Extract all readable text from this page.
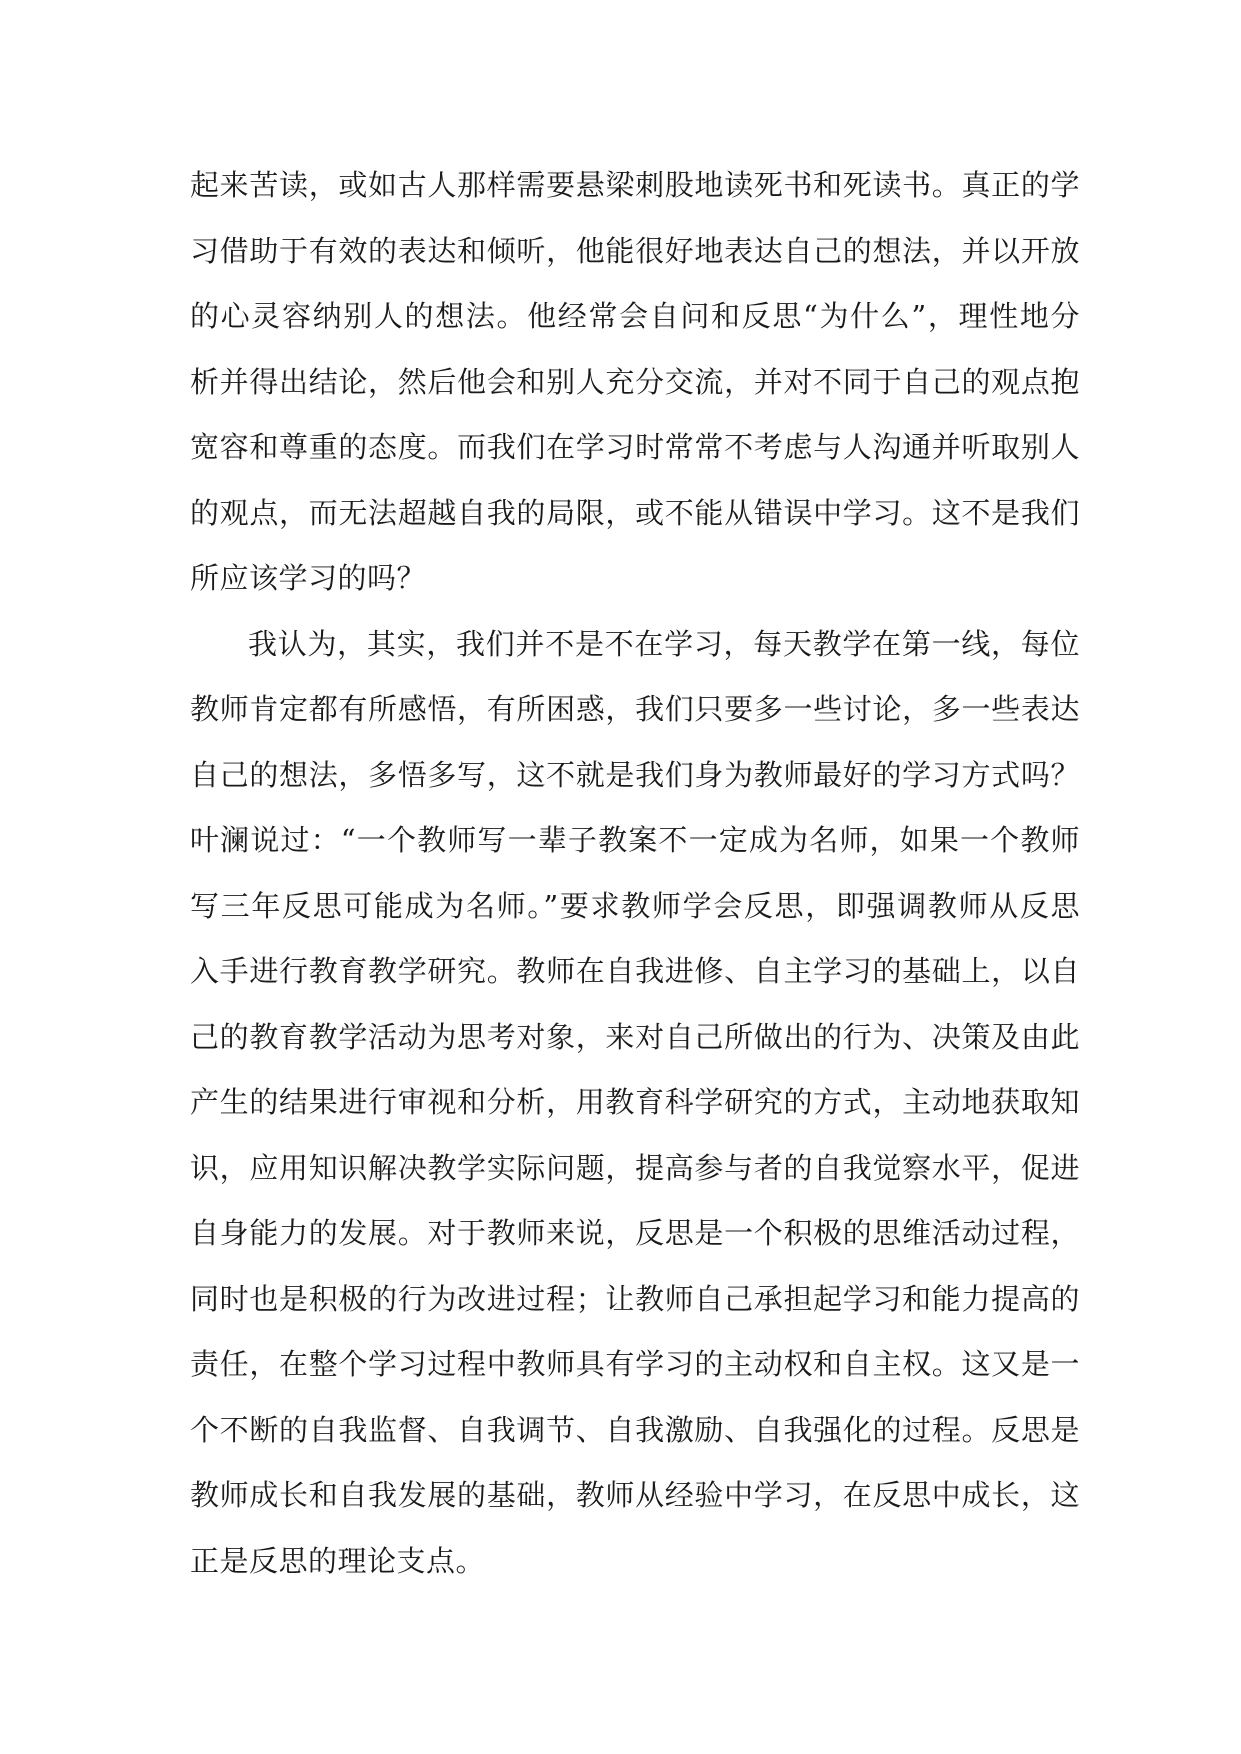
起来苦读，或如古人那样需要悬梁刺股地读死书和死读书。真正的学
习借助于有效的表达和倾听，他能很好地表达自己的想法，并以开放
的心灵容纳别人的想法。他经常会自问和反思“为什么”，理性地分
析并得出结论，然后他会和别人充分交流，并对不同于自己的观点抱
宽容和尊重的态度。而我们在学习时常常不考虑与人沟通并听取别人
的观点，而无法超越自我的局限，或不能从错误中学习。这不是我们
所应该学习的吗？
我认为，其实，我们并不是不在学习，每天教学在第一线，每位
教师肯定都有所感悟，有所困惑，我们只要多一些讨论，多一些表达
自己的想法，多悟多写，这不就是我们身为教师最好的学习方式吗？
叶澜说过：“一个教师写一辈子教案不一定成为名师，如果一个教师
写三年反思可能成为名师。”要求教师学会反思，即强调教师从反思
入手进行教育教学研究。教师在自我进修、自主学习的基础上，以自
己的教育教学活动为思考对象，来对自己所做出的行为、决策及由此
产生的结果进行审视和分析，用教育科学研究的方式，主动地获取知
识，应用知识解决教学实际问题，提高参与者的自我觉察水平，促进
自身能力的发展。对于教师来说，反思是一个积极的思维活动过程，
同时也是积极的行为改进过程；让教师自己承担起学习和能力提高的
责任，在整个学习过程中教师具有学习的主动权和自主权。这又是一
个不断的自我监督、自我调节、自我激励、自我强化的过程。反思是
教师成长和自我发展的基础，教师从经验中学习，在反思中成长，这
正是反思的理论支点。
